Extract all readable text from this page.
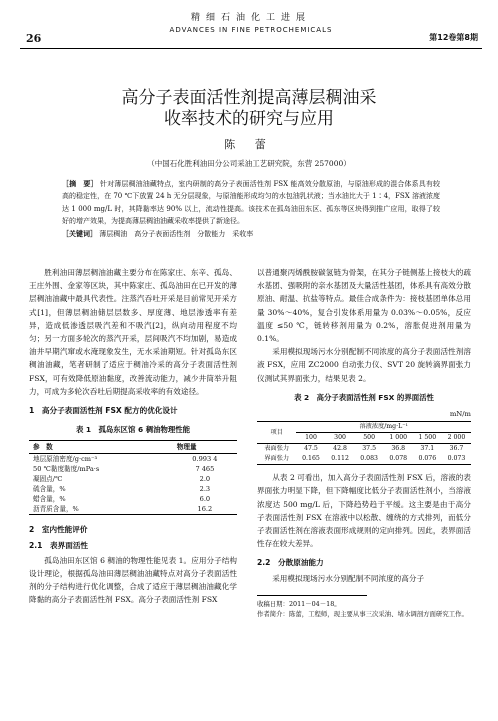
26
精细石油化工进展
ADVANCES IN FINE PETROCHEMICALS
第12卷第8期
高分子表面活性剂提高薄层稠油采
收率技术的研究与应用
陈 蕾
（中国石化胜利油田分公司采油工艺研究院，东营 257000）
［摘　要］ 针对薄层稠油油藏特点，室内研制的高分子表面活性剂 FSX 能高效分散原油，与原油形成的混合体系具有较高的稳定性，在 70 ℃下放置 24 h 无分层现象，与原油能形成均匀的水包油乳状液；当水油比大于 1∶4，FSX 溶液浓度达 1 000 mg/L 时，其降黏率达 90% 以上，流动性提高。该技术在孤岛油田东区、孤东等区块得到推广应用，取得了较好的增产效果，为提高薄层稠油油藏采收率提供了新途径。
［关键词］ 薄层稠油　高分子表面活性剂　分散能力　采收率

胜利油田薄层稠油油藏主要分布在陈家庄、东辛、孤岛、王庄外围、金家等区块，其中陈家庄、孤岛油田在已开发的薄层稠油油藏中最具代表性。注蒸汽吞吐开采是目前常见开采方式[1]，但薄层稠油储层层数多、厚度薄、地层渗透率有差异，造成低渗透层吸汽差和不吸汽[2]，纵向动用程度不均匀；另一方面多轮次的蒸汽开采，层间吸汽不均加剧，易造成油井早期汽窜或水淹现象发生，无水采油期短。针对孤岛东区稠油油藏，笔者研制了适应于稠油冷采的高分子表面活性剂 FSX，可有效降低原油黏度，改善流动能力，减少井筒举升阻力，可成为多轮次吞吐后期提高采收率的有效途径。

1　高分子表面活性剂 FSX 配方的优化设计
表 1　孤岛东区馆 6 稠油物理性能
参　数	物理量
地层原油密度/g·cm⁻³	0.993 4
50 ℃黏度黏度/mPa·s	7 465
凝固点/℃	2.0
硫含量，%	2.3
蜡含量，%	6.0
沥青质含量，%	16.2
2　室内性能评价
2.1　表界面活性

孤岛油田东区馆 6 稠油的物理性能见表 1。应用分子结构设计理论，根据孤岛油田薄层稠油油藏特点对高分子表面活性剂的分子结构进行优化调整，合成了适应于薄层稠油油藏化学降黏的高分子表面活性剂 FSX。高分子表面活性剂 FSX

以普通聚丙烯酰胺碳氢链为骨架，在其分子链侧基上接枝大的疏水基团、强吸附的亲水基团及大量活性基团，体系具有高效分散原油、耐温、抗盐等特点。最佳合成条件为：接枝基团单体总用量 30%～40%，复合引发体系用量为 0.03%～0.05%，反应温度 ≤50 ℃，链转移剂用量为 0.2%，溶胀促进剂用量为 0.1%。

采用模拟现场污水分别配制不同浓度的高分子表面活性剂溶液 FSX，应用 ZC2000 自动张力仪、SVT 20 旋转滴界面张力仪测试其界面张力，结果见表 2。

表 2　高分子表面活性剂 FSX 的界面活性
mN/m
项目	溶液浓度/mg·L⁻¹					
	100	300	500	1 000	1 500	2 000
表面张力	47.5	42.8	37.5	36.8	37.1	36.7
界面张力	0.165	0.112	0.083	0.078	0.076	0.073

从表 2 可看出，加入高分子表面活性剂 FSX 后，溶液的表界面张力明显下降，但下降幅度比低分子表面活性剂小，当溶液浓度达 500 mg/L 后，下降趋势趋于平缓。这主要是由于高分子表面活性剂 FSX 在溶液中以松散、缠绕的方式排列，而低分子表面活性剂在溶液表面形成规则的定向排列。因此，表界面活性存在较大差异。

2.2　分散原油能力

采用模拟现场污水分别配制不同浓度的高分子

收稿日期：2011－04－18。
作者简介：陈蕾，工程师，现主要从事三次采油、堵水调剖方面研究工作。
